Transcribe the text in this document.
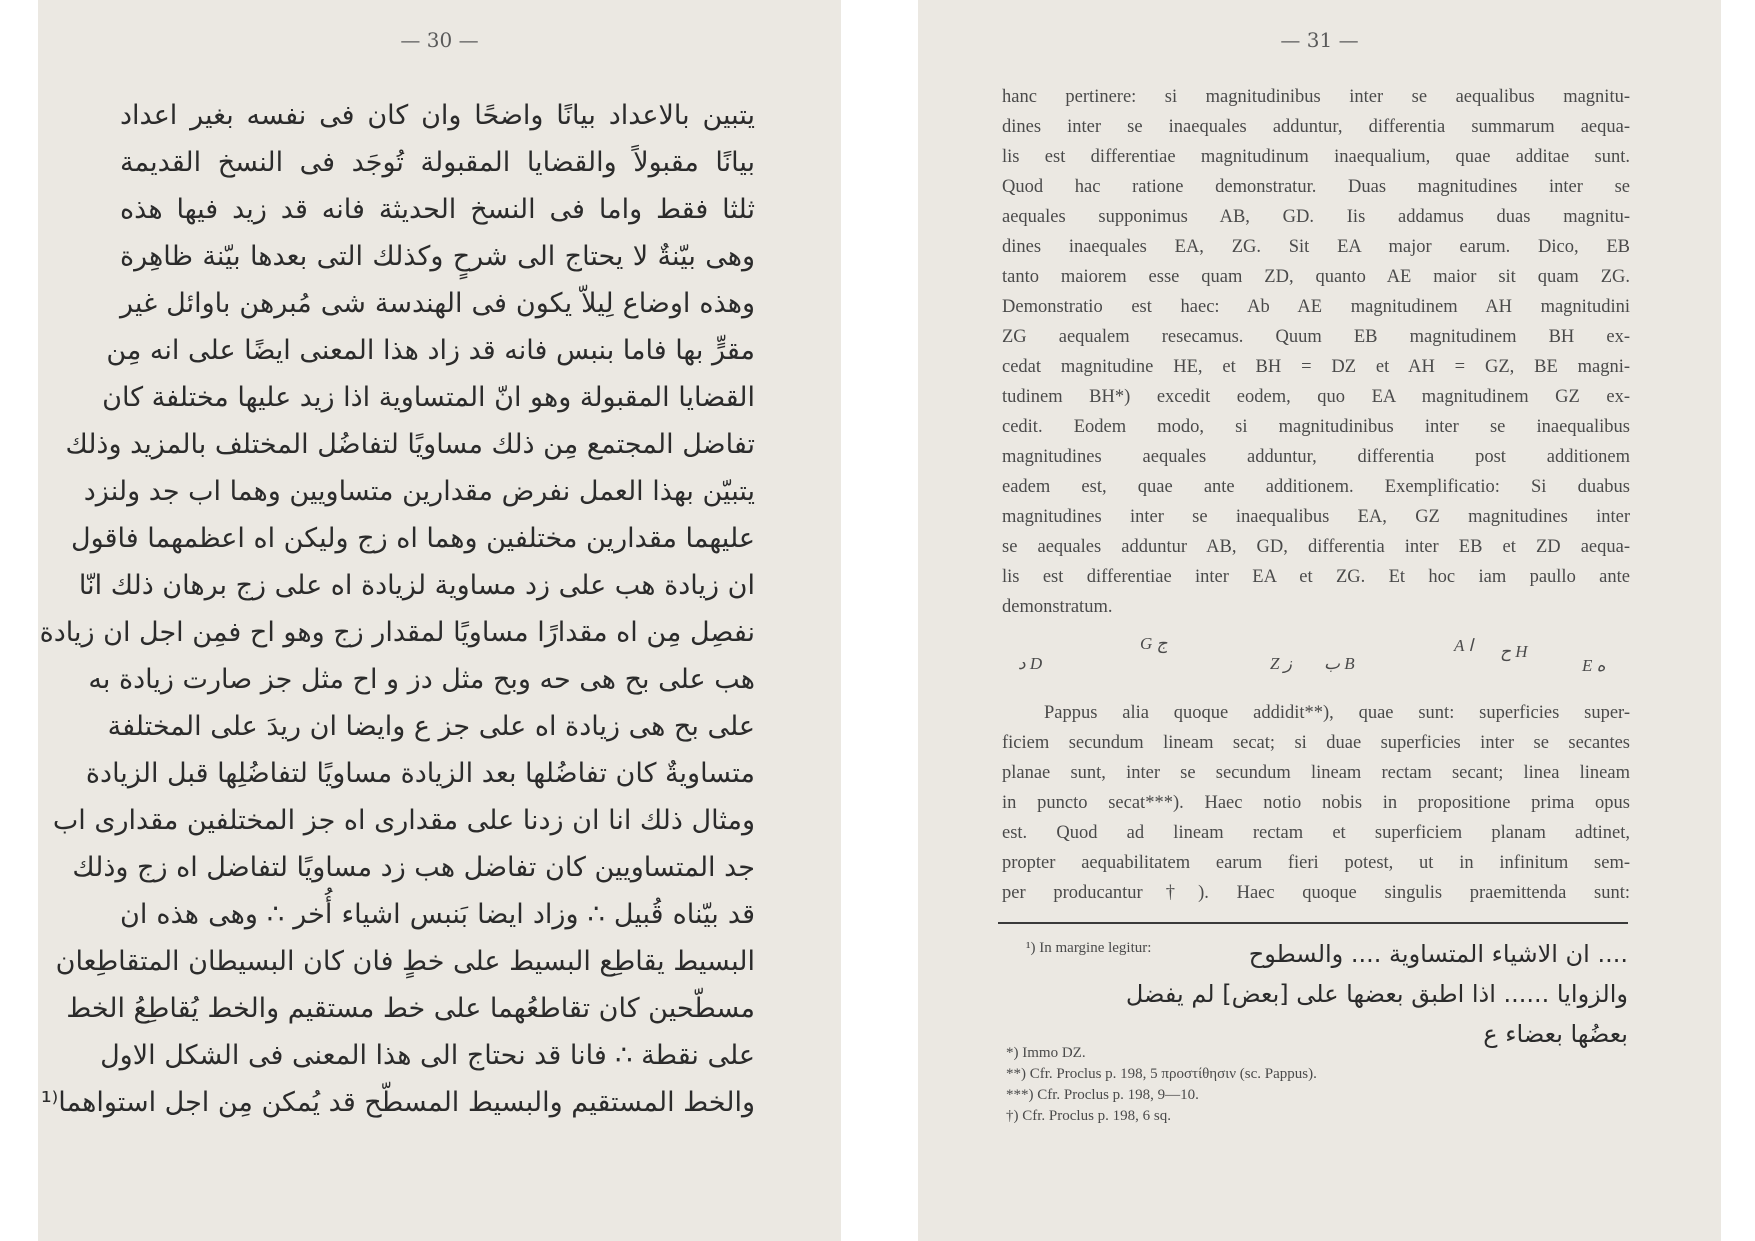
— 30 —
يتبين بالاعداد بيانًا واضحًا وان كان فى نفسه بغير اعداد
بيانًا مقبولاً والقضايا المقبولة تُوجَد فى النسخ القديمة
ثلثا فقط واما فى النسخ الحديثة فانه قد زيد فيها هذه
وهى بيّنةٌ لا يحتاج الى شرحٍ وكذلك التى بعدها بيّنة ظاهِرة
وهذه اوضاع لِيلاّ يكون فى الهندسة شى مُبرهن باوائل غير
مقرٍّ بها فاما بنبس فانه قد زاد هذا المعنى ايضًا على انه مِن
القضايا المقبولة وهو انّ المتساوية اذا زيد عليها مختلفة كان
تفاضل المجتمع مِن ذلك مساويًا لتفاضُل المختلف بالمزيد وذلك
يتبيّن بهذا العمل نفرض مقدارين متساويين وهما اب جد ولنزد
عليهما مقدارين مختلفين وهما اه زج وليكن اه اعظمهما فاقول
ان زيادة هب على زد مساوية لزيادة اه على زج برهان ذلك انّا
نفصِل مِن اه مقدارًا مساويًا لمقدار زج وهو اح فمِن اجل ان زيادة
هب على بح هى حه وبح مثل دز و اح مثل جز صارت زيادة به
على بح هى زيادة اه على جز ع وايضا ان ريدَ على المختلفة
متساويةٌ كان تفاضُلها بعد الزيادة مساويًا لتفاضُلِها قبل الزيادة
ومثال ذلك انا ان زدنا على مقدارى اه جز المختلفين مقدارى اب
جد المتساويين كان تفاضل هب زد مساويًا لتفاضل اه زج وذلك
قد بيّناه قُبيل ∴ وزاد ايضا بَنبس اشياء أُخر ∴ وهى هذه ان
البسيط يقاطِع البسيط على خطٍ فان كان البسيطان المتقاطِعان
مسطّحين كان تقاطعُهما على خط مستقيم والخط يُقاطِعُ الخط
على نقطة ∴ فانا قد نحتاج الى هذا المعنى فى الشكل الاول
والخط المستقيم والبسيط المسطّح قد يُمكن مِن اجل استواهما⁽¹
— 31 —
hanc pertinere: si magnitudinibus inter se aequalibus magnitu-
dines inter se inaequales adduntur, differentia summarum aequa-
lis est differentiae magnitudinum inaequalium, quae additae sunt.
Quod hac ratione demonstratur. Duas magnitudines inter se
aequales supponimus AB, GD. Iis addamus duas magnitu-
dines inaequales EA, ZG. Sit EA major earum. Dico, EB
tanto maiorem esse quam ZD, quanto AE maior sit quam ZG.
Demonstratio est haec: Ab AE magnitudinem AH magnitudini
ZG aequalem resecamus. Quum EB magnitudinem BH ex-
cedat magnitudine HE, et BH = DZ et AH = GZ, BE magni-
tudinem BH*) excedit eodem, quo EA magnitudinem GZ ex-
cedit. Eodem modo, si magnitudinibus inter se inaequalibus
magnitudines aequales adduntur, differentia post additionem
eadem est, quae ante additionem. Exemplificatio: Si duabus
magnitudines inter se inaequalibus EA, GZ magnitudines inter
se aequales adduntur AB, GD, differentia inter EB et ZD aequa-
lis est differentiae inter EA et ZG. Et hoc iam paullo ante
demonstratum.
د D
G ج
Z ز ب B
A ا ح H
E ه
Pappus alia quoque addidit**), quae sunt: superficies super-
ficiem secundum lineam secat; si duae superficies inter se secantes
planae sunt, inter se secundum lineam rectam secant; linea lineam
in puncto secat***). Haec notio nobis in propositione prima opus
est. Quod ad lineam rectam et superficiem planam adtinet,
propter aequabilitatem earum fieri potest, ut in infinitum sem-
per producantur†). Haec quoque singulis praemittenda sunt:
¹) In margine legitur:	.... ان الاشياء المتساوية .... والسطوح
والزوايا ...... اذا اطبق بعضها على [بعض] لم يفضل
بعضُها بعضاء ع
*) Immo DZ.
**) Cfr. Proclus p. 198, 5 προστίθησιν (sc. Pappus).
***) Cfr. Proclus p. 198, 9—10.
†) Cfr. Proclus p. 198, 6 sq.
